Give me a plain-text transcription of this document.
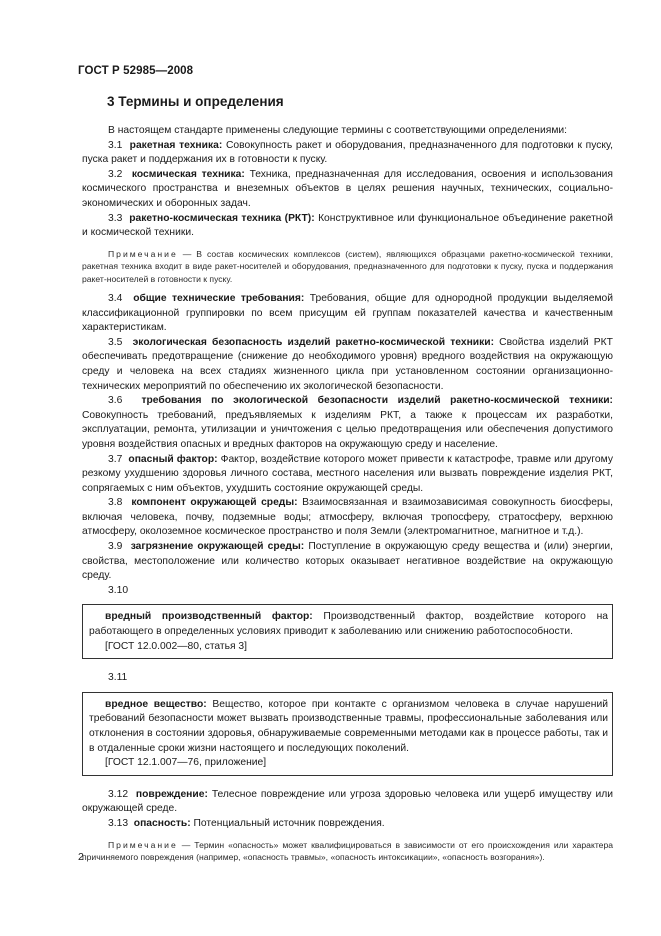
ГОСТ Р 52985—2008
3 Термины и определения

В настоящем стандарте применены следующие термины с соответствующими определениями:

3.1 ракетная техника: Совокупность ракет и оборудования, предназначенного для подготовки к пуску, пуска ракет и поддержания их в готовности к пуску.

3.2 космическая техника: Техника, предназначенная для исследования, освоения и использования космического пространства и внеземных объектов в целях решения научных, технических, социально-экономических и оборонных задач.

3.3 ракетно-космическая техника (РКТ): Конструктивное или функциональное объединение ракетной и космической техники.

Примечание — В состав космических комплексов (систем), являющихся образцами ракетно-космической техники, ракетная техника входит в виде ракет-носителей и оборудования, предназначенного для подготовки к пуску, пуска и поддержания ракет-носителей в готовности к пуску.

3.4 общие технические требования: Требования, общие для однородной продукции выделяемой классификационной группировки по всем присущим ей группам показателей качества и качественным характеристикам.

3.5 экологическая безопасность изделий ракетно-космической техники: Свойства изделий РКТ обеспечивать предотвращение (снижение до необходимого уровня) вредного воздействия на окружающую среду и человека на всех стадиях жизненного цикла при установленном состоянии организационно-технических мероприятий по обеспечению их экологической безопасности.

3.6 требования по экологической безопасности изделий ракетно-космической техники: Совокупность требований, предъявляемых к изделиям РКТ, а также к процессам их разработки, эксплуатации, ремонта, утилизации и уничтожения с целью предотвращения или обеспечения допустимого уровня воздействия опасных и вредных факторов на окружающую среду и население.

3.7 опасный фактор: Фактор, воздействие которого может привести к катастрофе, травме или другому резкому ухудшению здоровья личного состава, местного населения или вызвать повреждение изделия РКТ, сопрягаемых с ним объектов, ухудшить состояние окружающей среды.

3.8 компонент окружающей среды: Взаимосвязанная и взаимозависимая совокупность биосферы, включая человека, почву, подземные воды; атмосферу, включая тропосферу, стратосферу, верхнюю атмосферу, околоземное космическое пространство и поля Земли (электромагнитное, магнитное и т.д.).

3.9 загрязнение окружающей среды: Поступление в окружающую среду вещества и (или) энергии, свойства, местоположение или количество которых оказывает негативное воздействие на окружающую среду.

3.10

вредный производственный фактор: Производственный фактор, воздействие которого на работающего в определенных условиях приводит к заболеванию или снижению работоспособности.

[ГОСТ 12.0.002—80, статья 3]

3.11

вредное вещество: Вещество, которое при контакте с организмом человека в случае нарушений требований безопасности может вызвать производственные травмы, профессиональные заболевания или отклонения в состоянии здоровья, обнаруживаемые современными методами как в процессе работы, так и в отдаленные сроки жизни настоящего и последующих поколений.

[ГОСТ 12.1.007—76, приложение]

3.12 повреждение: Телесное повреждение или угроза здоровью человека или ущерб имуществу или окружающей среде.

3.13 опасность: Потенциальный источник повреждения.

Примечание — Термин «опасность» может квалифицироваться в зависимости от его происхождения или характера причиняемого повреждения (например, «опасность травмы», «опасность интоксикации», «опасность возгорания»).

2
